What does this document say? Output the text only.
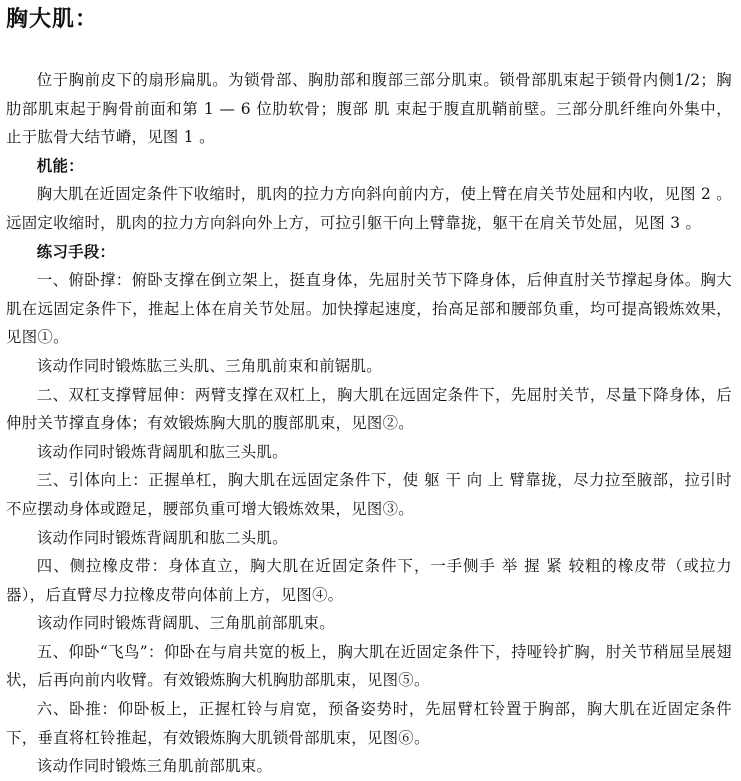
胸大肌：

位于胸前皮下的扇形扁肌。为锁骨部、胸肋部和腹部三部分肌束。锁骨部肌束起于锁骨内侧1/2；胸肋部肌束起于胸骨前面和第 1 — 6 位肋软骨；腹部 肌 束起于腹直肌鞘前壁。三部分肌纤维向外集中，止于肱骨大结节嵴，见图 1 。

机能：

胸大肌在近固定条件下收缩时，肌肉的拉力方向斜向前内方，使上臂在肩关节处屈和内收，见图 2 。远固定收缩时，肌肉的拉力方向斜向外上方，可拉引躯干向上臂靠拢，躯干在肩关节处屈，见图 3 。

练习手段：

一、俯卧撑：俯卧支撑在倒立架上，挺直身体，先屈肘关节下降身体，后伸直肘关节撑起身体。胸大肌在远固定条件下，推起上体在肩关节处屈。加快撑起速度，抬高足部和腰部负重，均可提高锻炼效果，见图①。

该动作同时锻炼肱三头肌、三角肌前束和前锯肌。

二、双杠支撑臂屈伸：两臂支撑在双杠上，胸大肌在远固定条件下，先屈肘关节，尽量下降身体，后伸肘关节撑直身体；有效锻炼胸大肌的腹部肌束，见图②。

该动作同时锻炼背阔肌和肱三头肌。

三、引体向上：正握单杠，胸大肌在远固定条件下，使 躯 干 向 上 臂靠拢，尽力拉至腋部，拉引时不应摆动身体或蹬足，腰部负重可增大锻炼效果，见图③。

该动作同时锻炼背阔肌和肱二头肌。

四、侧拉橡皮带：身体直立，胸大肌在近固定条件下，一手侧手 举 握 紧 较粗的橡皮带（或拉力器），后直臂尽力拉橡皮带向体前上方，见图④。

该动作同时锻炼背阔肌、三角肌前部肌束。

五、仰卧“飞鸟”：仰卧在与肩共宽的板上，胸大肌在近固定条件下，持哑铃扩胸，肘关节稍屈呈展翅状，后再向前内收臂。有效锻炼胸大机胸肋部肌束，见图⑤。

六、卧推：仰卧板上，正握杠铃与肩宽，预备姿势时，先屈臂杠铃置于胸部，胸大肌在近固定条件下，垂直将杠铃推起，有效锻炼胸大肌锁骨部肌束，见图⑥。

该动作同时锻炼三角肌前部肌束。
